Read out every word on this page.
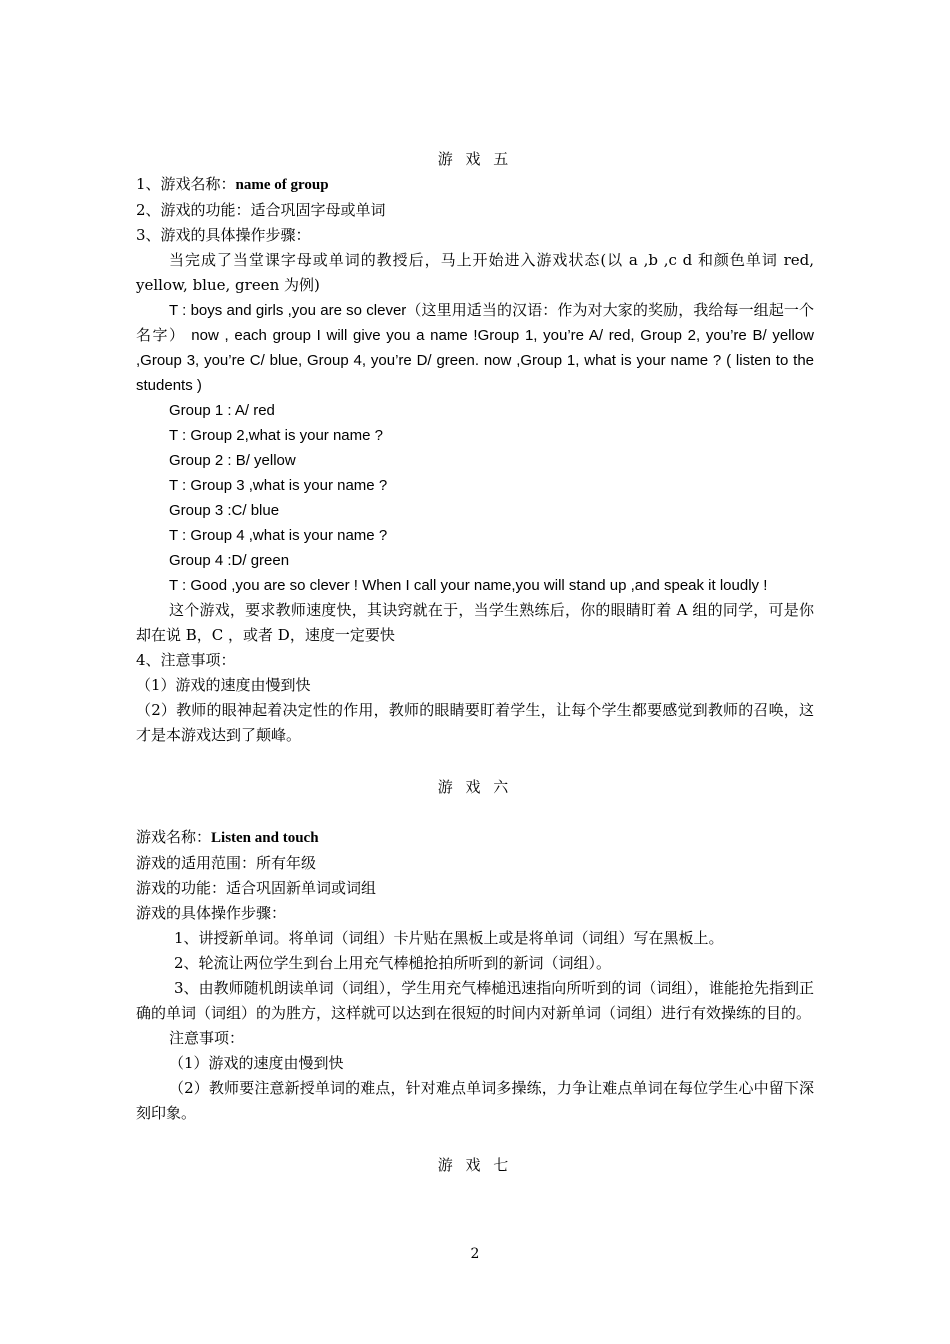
游 戏 五

1、游戏名称：name of group

2、游戏的功能：适合巩固字母或单词

3、游戏的具体操作步骤：

当完成了当堂课字母或单词的教授后，马上开始进入游戏状态(以 a ,b ,c d 和颜色单词 red, yellow, blue, green 为例)

T : boys and girls ,you are so clever（这里用适当的汉语：作为对大家的奖励，我给每一组起一个名字） now , each group I will give you a name !Group 1, you’re A/ red, Group 2, you’re B/ yellow ,Group 3, you’re C/ blue, Group 4, you’re D/ green. now ,Group 1, what is your name ? ( listen to the students )

Group 1 : A/ red

T : Group 2,what is your name ?

Group 2 : B/ yellow

T : Group 3 ,what is your name ?

Group 3 :C/ blue

T : Group 4 ,what is your name ?

Group 4 :D/ green

T : Good ,you are so clever ! When I call your name,you will stand up ,and speak it loudly !

这个游戏，要求教师速度快，其诀窍就在于，当学生熟练后，你的眼睛盯着 A 组的同学，可是你却在说 B，C ，或者 D，速度一定要快

4、注意事项：

（1）游戏的速度由慢到快

（2）教师的眼神起着决定性的作用，教师的眼睛要盯着学生，让每个学生都要感觉到教师的召唤，这才是本游戏达到了颠峰。

游 戏 六

游戏名称：Listen and touch

游戏的适用范围：所有年级

游戏的功能：适合巩固新单词或词组

游戏的具体操作步骤：

1、讲授新单词。将单词（词组）卡片贴在黑板上或是将单词（词组）写在黑板上。

2、轮流让两位学生到台上用充气棒槌抢拍所听到的新词（词组）。

3、由教师随机朗读单词（词组），学生用充气棒槌迅速指向所听到的词（词组），谁能抢先指到正确的单词（词组）的为胜方，这样就可以达到在很短的时间内对新单词（词组）进行有效操练的目的。

注意事项：

（1）游戏的速度由慢到快

（2）教师要注意新授单词的难点，针对难点单词多操练，力争让难点单词在每位学生心中留下深刻印象。

游 戏 七
2
